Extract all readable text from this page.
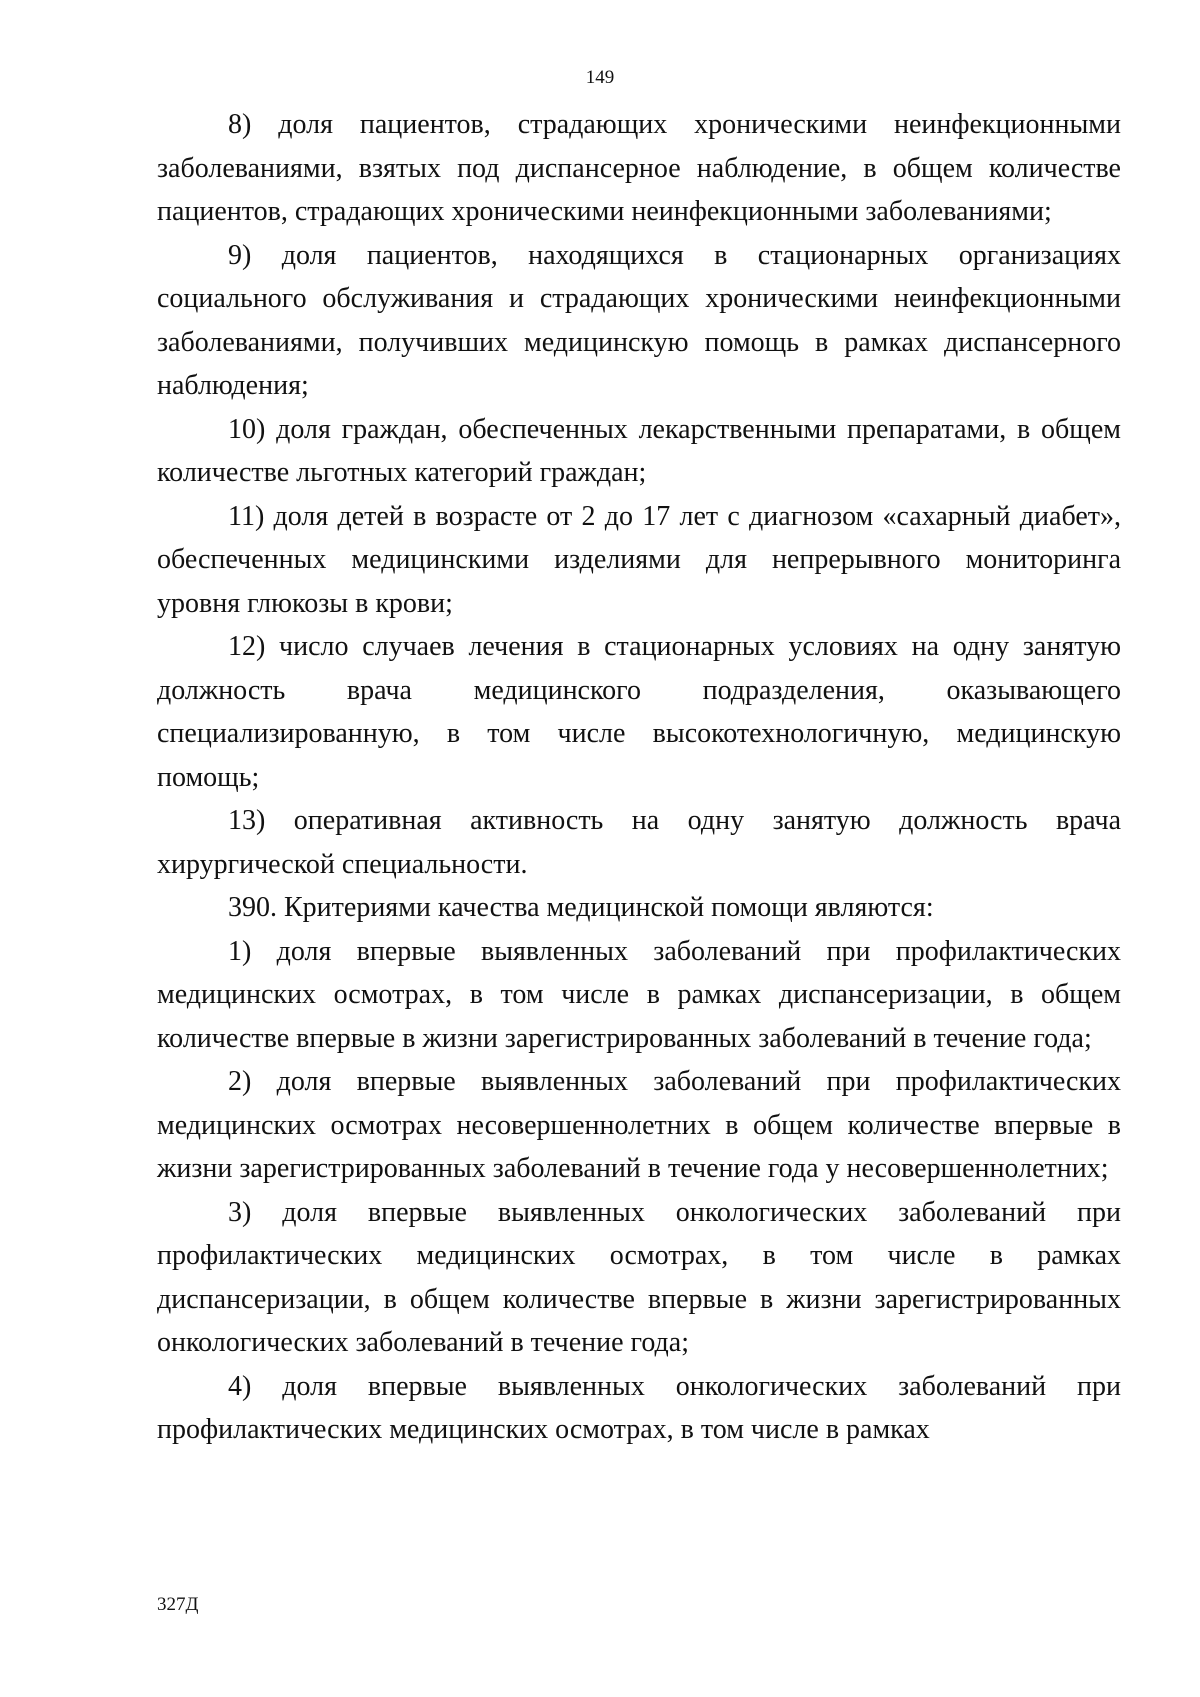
149

8) доля пациентов, страдающих хроническими неинфекционными заболеваниями, взятых под диспансерное наблюдение, в общем количестве пациентов, страдающих хроническими неинфекционными заболеваниями;

9) доля пациентов, находящихся в стационарных организациях социального обслуживания и страдающих хроническими неинфекционными заболеваниями, получивших медицинскую помощь в рамках диспансерного наблюдения;

10) доля граждан, обеспеченных лекарственными препаратами, в общем количестве льготных категорий граждан;

11) доля детей в возрасте от 2 до 17 лет с диагнозом «сахарный диабет», обеспеченных медицинскими изделиями для непрерывного мониторинга уровня глюкозы в крови;

12) число случаев лечения в стационарных условиях на одну занятую должность врача медицинского подразделения, оказывающего специализированную, в том числе высокотехнологичную, медицинскую помощь;

13) оперативная активность на одну занятую должность врача хирургической специальности.

390. Критериями качества медицинской помощи являются:

1) доля впервые выявленных заболеваний при профилактических медицинских осмотрах, в том числе в рамках диспансеризации, в общем количестве впервые в жизни зарегистрированных заболеваний в течение года;

2) доля впервые выявленных заболеваний при профилактических медицинских осмотрах несовершеннолетних в общем количестве впервые в жизни зарегистрированных заболеваний в течение года у несовершеннолетних;

3) доля впервые выявленных онкологических заболеваний при профилактических медицинских осмотрах, в том числе в рамках диспансеризации, в общем количестве впервые в жизни зарегистрированных онкологических заболеваний в течение года;

4) доля впервые выявленных онкологических заболеваний при профилактических медицинских осмотрах, в том числе в рамках

327Д
